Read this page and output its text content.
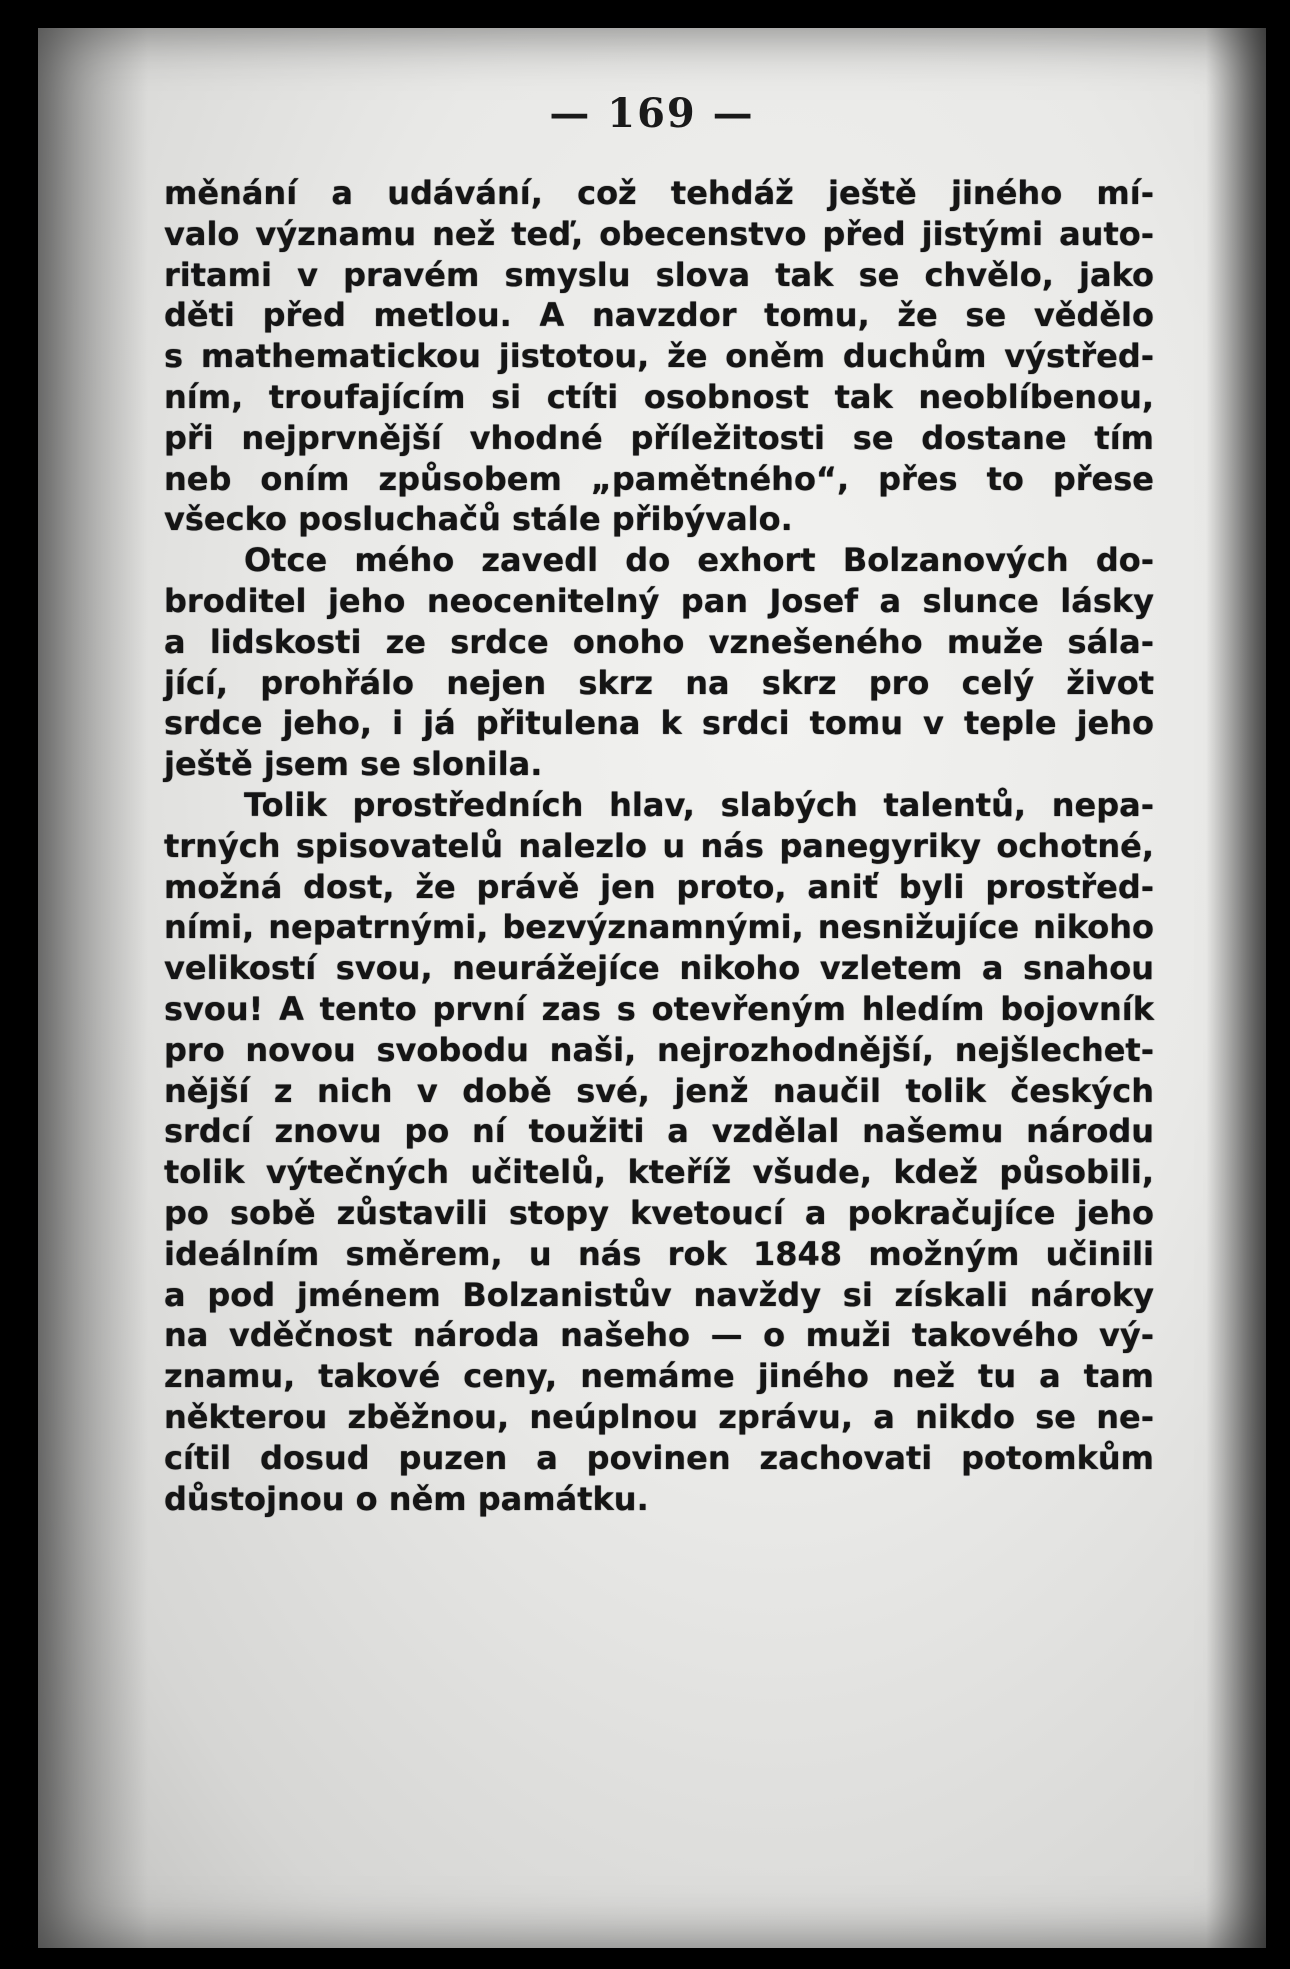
— 169 —
měnání a udávání, což tehdáž ještě jiného mí-
valo významu než teď, obecenstvo před jistými auto-
ritami v pravém smyslu slova tak se chvělo, jako
děti před metlou. A navzdor tomu, že se vědělo
s mathematickou jistotou, že oněm duchům výstřed-
ním, troufajícím si ctíti osobnost tak neoblíbenou,
při nejprvnější vhodné příležitosti se dostane tím
neb oním způsobem „pamětného“, přes to přese
všecko posluchačů stále přibývalo.
Otce mého zavedl do exhort Bolzanových do-
broditel jeho neocenitelný pan Josef a slunce lásky
a lidskosti ze srdce onoho vznešeného muže sála-
jící, prohřálo nejen skrz na skrz pro celý život
srdce jeho, i já přitulena k srdci tomu v teple jeho
ještě jsem se slonila.
Tolik prostředních hlav, slabých talentů, nepa-
trných spisovatelů nalezlo u nás panegyriky ochotné,
možná dost, že právě jen proto, aniť byli prostřed-
ními, nepatrnými, bezvýznamnými, nesnižujíce nikoho
velikostí svou, neurážejíce nikoho vzletem a snahou
svou! A tento první zas s otevřeným hledím bojovník
pro novou svobodu naši, nejrozhodnější, nejšlechet-
nější z nich v době své, jenž naučil tolik českých
srdcí znovu po ní toužiti a vzdělal našemu národu
tolik výtečných učitelů, kteříž všude, kdež působili,
po sobě zůstavili stopy kvetoucí a pokračujíce jeho
ideálním směrem, u nás rok 1848 možným učinili
a pod jménem Bolzanistův navždy si získali nároky
na vděčnost národa našeho — o muži takového vý-
znamu, takové ceny, nemáme jiného než tu a tam
některou zběžnou, neúplnou zprávu, a nikdo se ne-
cítil dosud puzen a povinen zachovati potomkům
důstojnou o něm památku.
